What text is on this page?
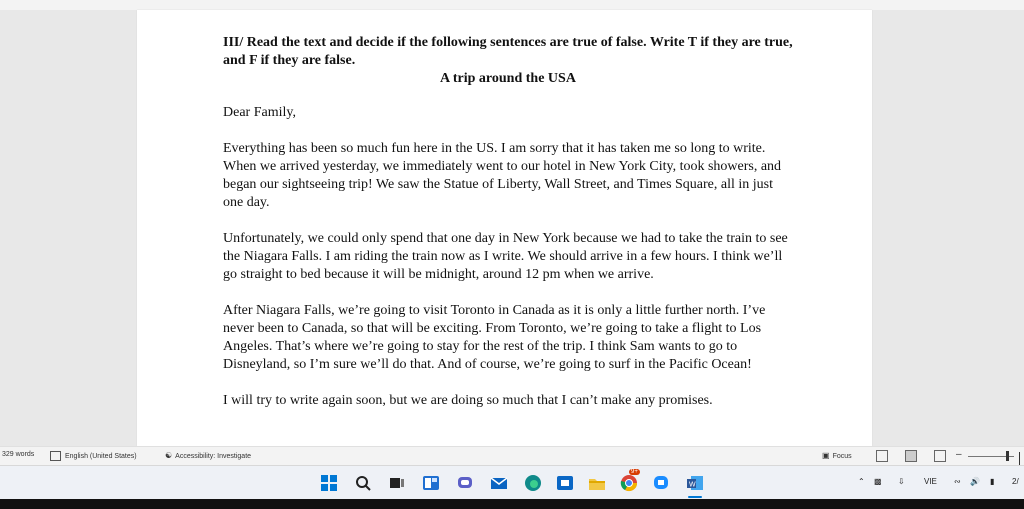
III/ Read the text and decide if the following sentences are true of false. Write T if they are true, and F if they are false.

A trip around the USA

Dear Family,

Everything has been so much fun here in the US. I am sorry that it has taken me so long to write. When we arrived yesterday, we immediately went to our hotel in New York City, took showers, and began our sightseeing trip! We saw the Statue of Liberty, Wall Street, and Times Square, all in just one day.

Unfortunately, we could only spend that one day in New York because we had to take the train to see the Niagara Falls. I am riding the train now as I write. We should arrive in a few hours. I think we’ll go straight to bed because it will be midnight, around 12 pm when we arrive.

After Niagara Falls, we’re going to visit Toronto in Canada as it is only a little further north. I’ve never been to Canada, so that will be exciting. From Toronto, we’re going to take a flight to Los Angeles. That’s where we’re going to stay for the rest of the trip. I think Sam wants to go to Disneyland, so I’m sure we’ll do that. And of course, we’re going to surf in the Pacific Ocean!

I will try to write again soon, but we are doing so much that I can’t make any promises.

329 words	English (United States)	☯ Accessibility: Investigate	▣ Focus	–
9+
W	⌃ ▩ ⇩ VIE ∾ 🔊 ▮ 2/
